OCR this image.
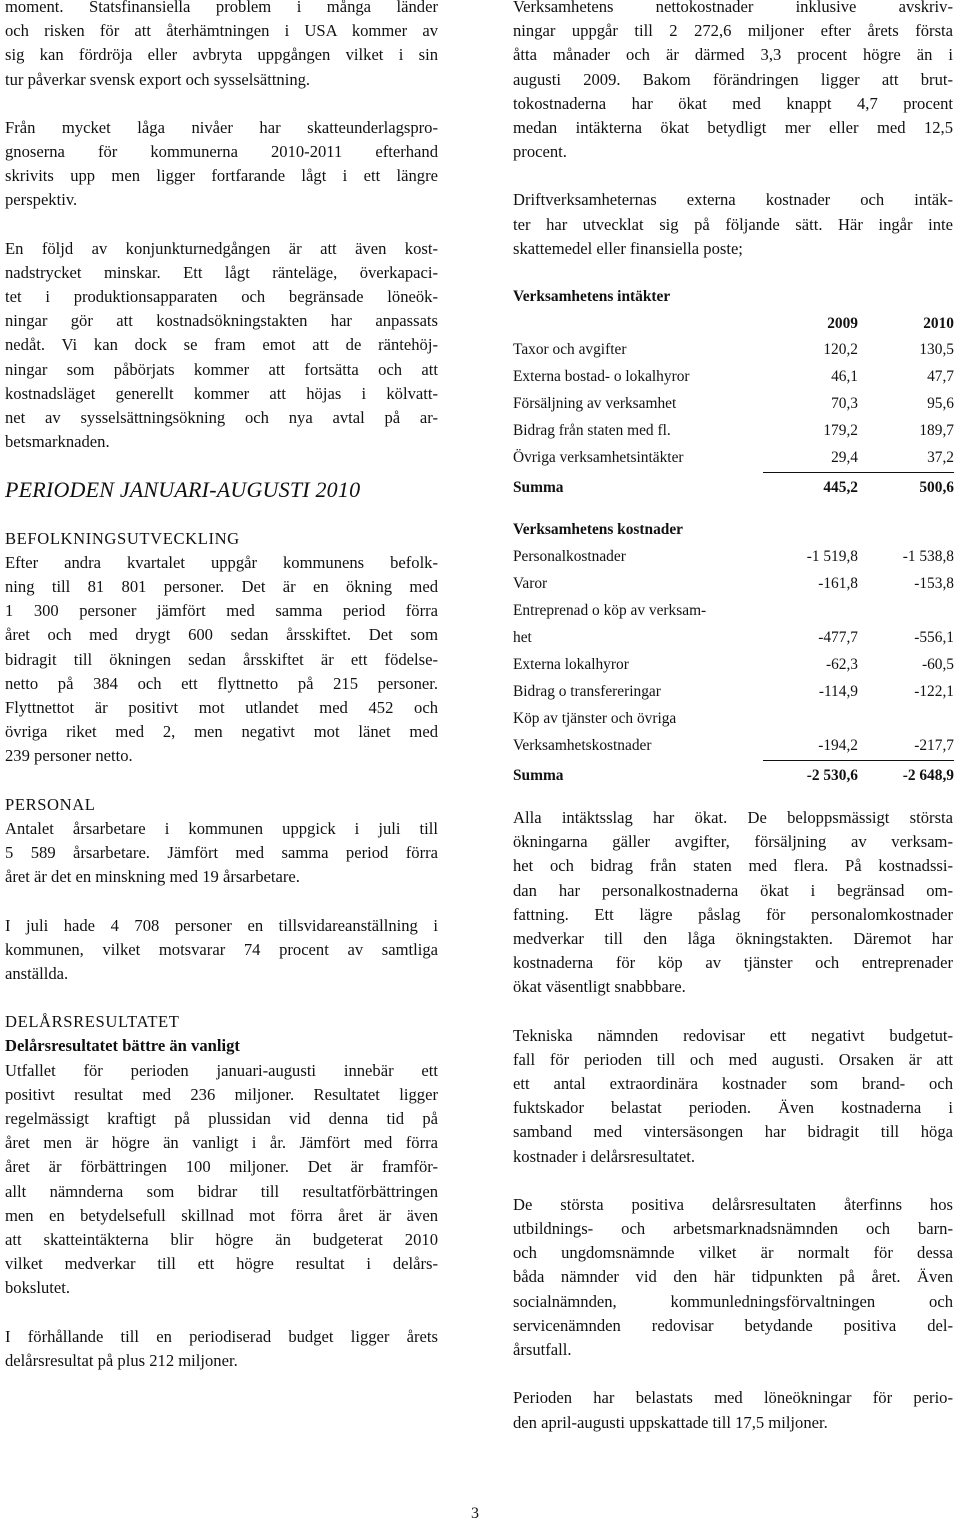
moment. Statsfinansiella problem i många länder
och risken för att återhämtningen i USA kommer av
sig kan fördröja eller avbryta uppgången vilket i sin
tur påverkar svensk export och sysselsättning.
Från mycket låga nivåer har skatteunderlagspro-
gnoserna för kommunerna 2010-2011 efterhand
skrivits upp men ligger fortfarande lågt i ett längre
perspektiv.
En följd av konjunkturnedgången är att även kost-
nadstrycket minskar. Ett lågt ränteläge, överkapaci-
tet i produktionsapparaten och begränsade löneök-
ningar gör att kostnadsökningstakten har anpassats
nedåt. Vi kan dock se fram emot att de räntehöj-
ningar som påbörjats kommer att fortsätta och att
kostnadsläget generellt kommer att höjas i kölvatt-
net av sysselsättningsökning och nya avtal på ar-
betsmarknaden.
PERIODEN JANUARI-AUGUSTI 2010
BEFOLKNINGSUTVECKLING
Efter andra kvartalet uppgår kommunens befolk-
ning till 81 801 personer. Det är en ökning med
1 300 personer jämfört med samma period förra
året och med drygt 600 sedan årsskiftet. Det som
bidragit till ökningen sedan årsskiftet är ett födelse-
netto på 384 och ett flyttnetto på 215 personer.
Flyttnettot är positivt mot utlandet med 452 och
övriga riket med 2, men negativt mot länet med
239 personer netto.
PERSONAL
Antalet årsarbetare i kommunen uppgick i juli till
5 589 årsarbetare. Jämfört med samma period förra
året är det en minskning med 19 årsarbetare.
I juli hade 4 708 personer en tillsvidareanställning i
kommunen, vilket motsvarar 74 procent av samtliga
anställda.
DELÅRSRESULTATET
Delårsresultatet bättre än vanligt
Utfallet för perioden januari-augusti innebär ett
positivt resultat med 236 miljoner. Resultatet ligger
regelmässigt kraftigt på plussidan vid denna tid på
året men är högre än vanligt i år. Jämfört med förra
året är förbättringen 100 miljoner. Det är framför-
allt nämnderna som bidrar till resultatförbättringen
men en betydelsefull skillnad mot förra året är även
att skatteintäkterna blir högre än budgeterat 2010
vilket medverkar till ett högre resultat i delårs-
bokslutet.
I förhållande till en periodiserad budget ligger årets
delårsresultat på plus 212 miljoner.
Verksamhetens nettokostnader inklusive avskriv-
ningar uppgår till 2 272,6 miljoner efter årets första
åtta månader och är därmed 3,3 procent högre än i
augusti 2009. Bakom förändringen ligger att brut-
tokostnaderna har ökat med knappt 4,7 procent
medan intäkterna ökat betydligt mer eller med 12,5
procent.
Driftverksamheternas externa kostnader och intäk-
ter har utvecklat sig på följande sätt. Här ingår inte
skattemedel eller finansiella poste;
Verksamhetens intäkter		
	2009	2010
Taxor och avgifter	120,2	130,5
Externa bostad- o lokalhyror	46,1	47,7
Försäljning av verksamhet	70,3	95,6
Bidrag från staten med fl.	179,2	189,7
Övriga verksamhetsintäkter	29,4	37,2
Summa	445,2	500,6
Verksamhetens kostnader		
Personalkostnader	-1 519,8	-1 538,8
Varor	-161,8	-153,8
Entreprenad o köp av verksam-		
het	-477,7	-556,1
Externa lokalhyror	-62,3	-60,5
Bidrag o transfereringar	-114,9	-122,1
Köp av tjänster och övriga		
Verksamhetskostnader	-194,2	-217,7
Summa	-2 530,6	-2 648,9
Alla intäktsslag har ökat. De beloppsmässigt största
ökningarna gäller avgifter, försäljning av verksam-
het och bidrag från staten med flera. På kostnadssi-
dan har personalkostnaderna ökat i begränsad om-
fattning. Ett lägre påslag för personalomkostnader
medverkar till den låga ökningstakten. Däremot har
kostnaderna för köp av tjänster och entreprenader
ökat väsentligt snabbbare.
Tekniska nämnden redovisar ett negativt budgetut-
fall för perioden till och med augusti. Orsaken är att
ett antal extraordinära kostnader som brand- och
fuktskador belastat perioden. Även kostnaderna i
samband med vintersäsongen har bidragit till höga
kostnader i delårsresultatet.
De största positiva delårsresultaten återfinns hos
utbildnings- och arbetsmarknadsnämnden och barn-
och ungdomsnämnde vilket är normalt för dessa
båda nämnder vid den här tidpunkten på året. Även
socialnämnden, kommunledningsförvaltningen och
servicenämnden redovisar betydande positiva del-
årsutfall.
Perioden har belastats med löneökningar för perio-
den april-augusti uppskattade till 17,5 miljoner.
3
